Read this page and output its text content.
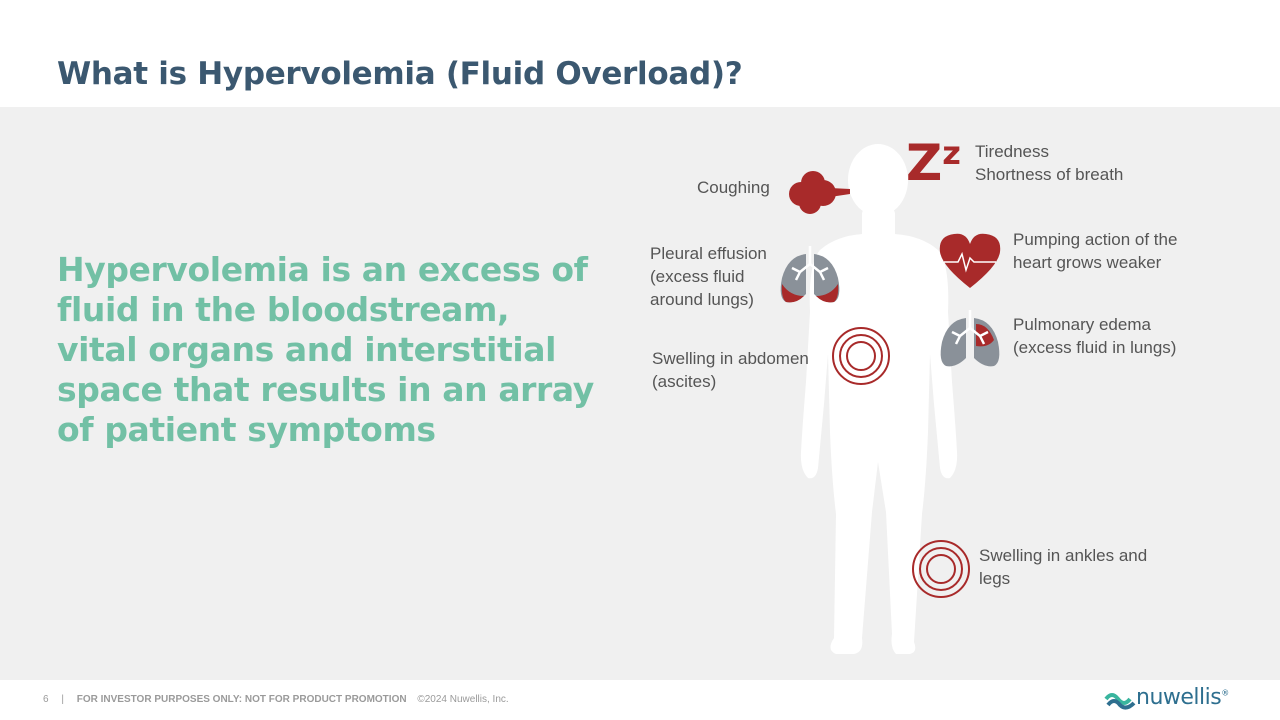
What is Hypervolemia (Fluid Overload)?
Hypervolemia is an excess of fluid in the bloodstream, vital organs and interstitial space that results in an array of patient symptoms
Coughing
Pleural effusion
(excess fluid
around lungs)
Swelling in abdomen
(ascites)
Zz Tiredness
Shortness of breath
Pumping action of the
heart grows weaker
Pulmonary edema
(excess fluid in lungs)
Swelling in ankles and
legs
6 | FOR INVESTOR PURPOSES ONLY: NOT FOR PRODUCT PROMOTION ©2024 Nuwellis, Inc.	nuwellis®
